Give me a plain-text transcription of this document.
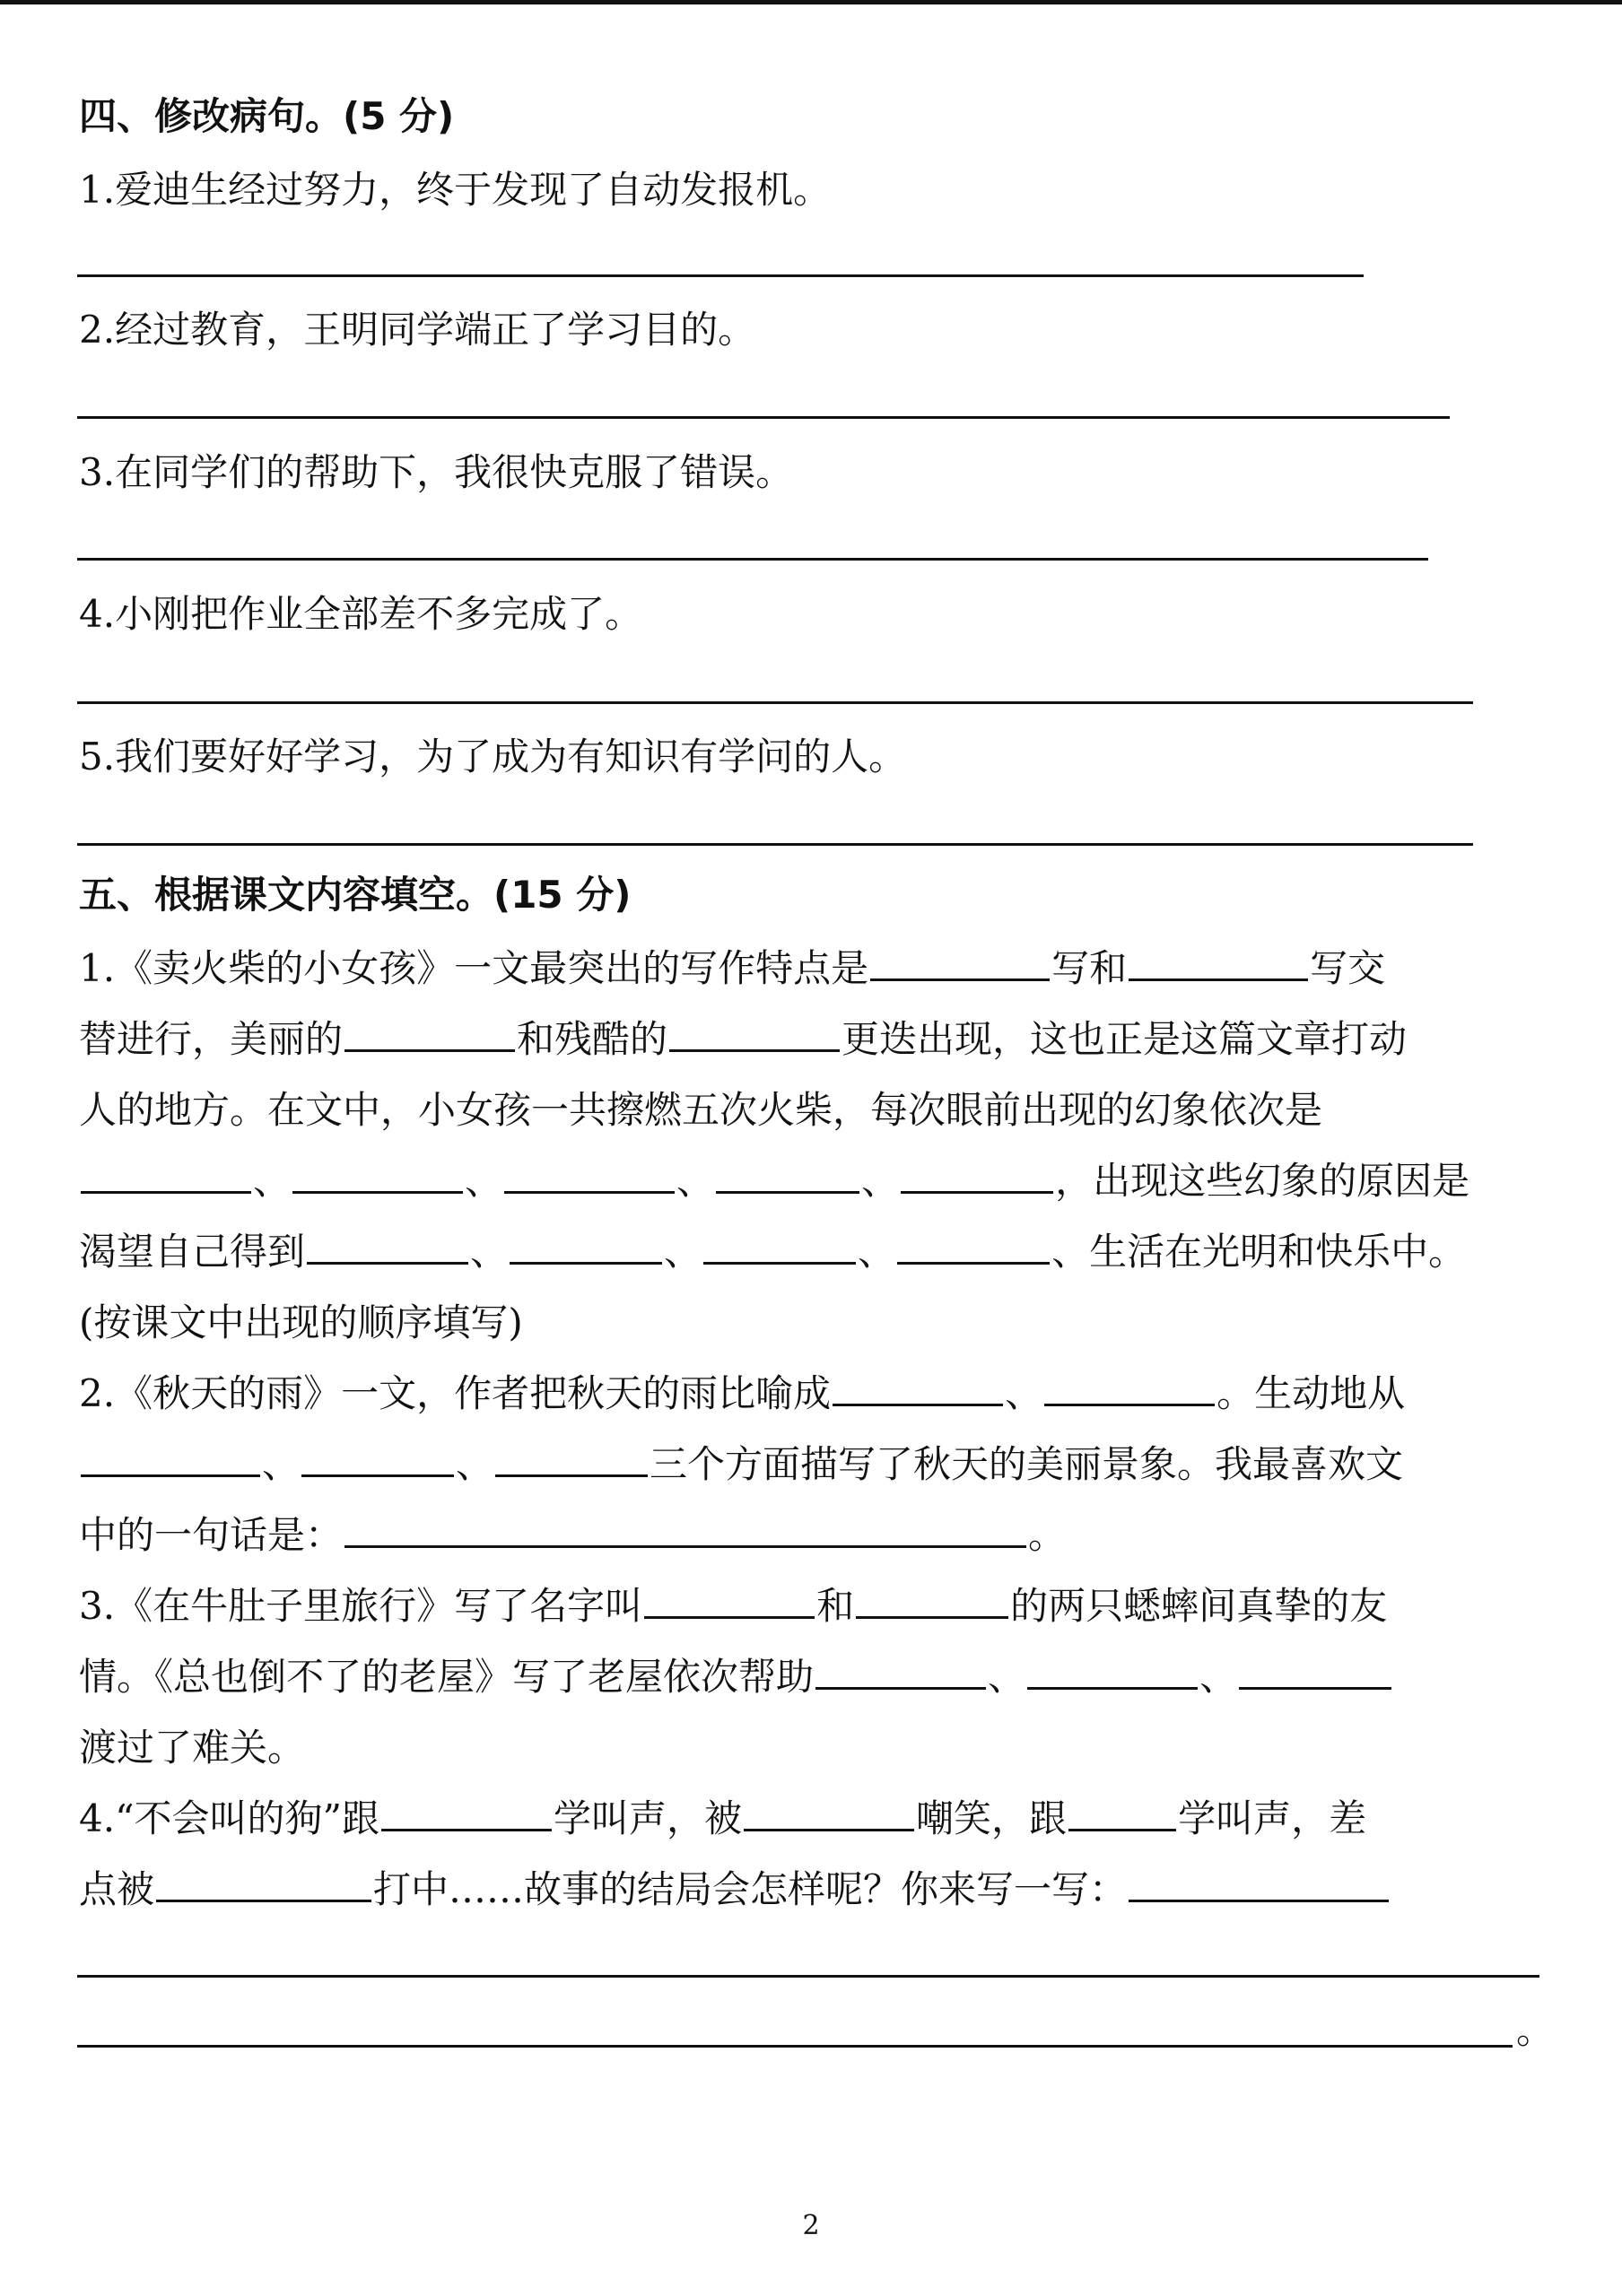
四、修改病句。(5 分)
1.爱迪生经过努力，终于发现了自动发报机。
2.经过教育，王明同学端正了学习目的。
3.在同学们的帮助下，我很快克服了错误。
4.小刚把作业全部差不多完成了。
5.我们要好好学习，为了成为有知识有学问的人。
五、根据课文内容填空。(15 分)
1.《卖火柴的小女孩》一文最突出的写作特点是	写和	写交
替进行，美丽的	和残酷的	更迭出现，这也正是这篇文章打动
人的地方。在文中，小女孩一共擦燃五次火柴，每次眼前出现的幻象依次是
、	、	、	、	，出现这些幻象的原因是
渴望自己得到	、	、	、	、生活在光明和快乐中。
(按课文中出现的顺序填写)
2.《秋天的雨》一文，作者把秋天的雨比喻成	、	。生动地从
、	、	三个方面描写了秋天的美丽景象。我最喜欢文
中的一句话是：	。
3.《在牛肚子里旅行》写了名字叫	和	的两只蟋蟀间真挚的友
情。《总也倒不了的老屋》写了老屋依次帮助	、	、
渡过了难关。
4.“不会叫的狗”跟	学叫声，被	嘲笑，跟	学叫声，差
点被	打中……故事的结局会怎样呢？你来写一写：
。
2
